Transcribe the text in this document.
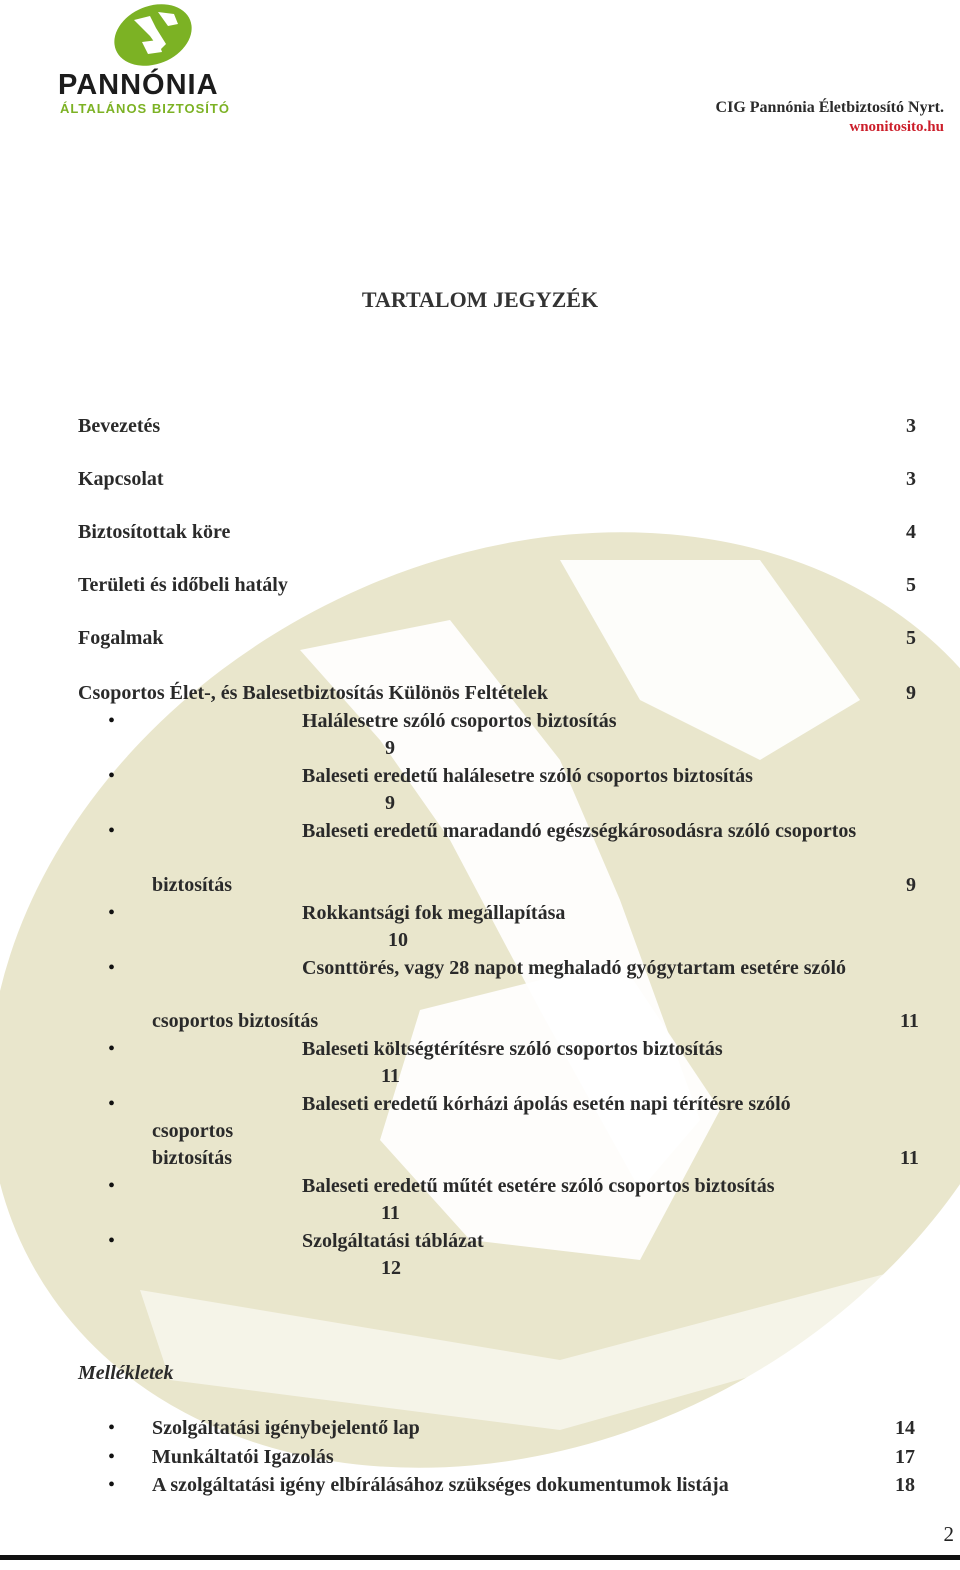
PANNÓNIA
ÁLTALÁNOS BIZTOSÍTÓ	CIG Pannónia Életbiztosító Nyrt.
wnonitosito.hu
TARTALOM JEGYZÉK
Bevezetés	3
Kapcsolat	3
Biztosítottak köre	4
Területi és időbeli hatály	5
Fogalmak	5
Csoportos Élet-, és Balesetbiztosítás Különös Feltételek	9
•	Halálesetre szóló csoportos biztosítás
9
•	Baleseti eredetű halálesetre szóló csoportos biztosítás
9
•	Baleseti eredetű maradandó egészségkárosodásra szóló csoportos
biztosítás	9
•	Rokkantsági fok megállapítása
10
•	Csonttörés, vagy 28 napot meghaladó gyógytartam esetére szóló
csoportos biztosítás	11
•	Baleseti költségtérítésre szóló csoportos biztosítás
11
•	Baleseti eredetű kórházi ápolás esetén napi térítésre szóló
csoportos
biztosítás	11
•	Baleseti eredetű műtét esetére szóló csoportos biztosítás
11
•	Szolgáltatási táblázat
12
Mellékletek
• Szolgáltatási igénybejelentő lap	14
• Munkáltatói Igazolás	17
• A szolgáltatási igény elbírálásához szükséges dokumentumok listája	18
2
